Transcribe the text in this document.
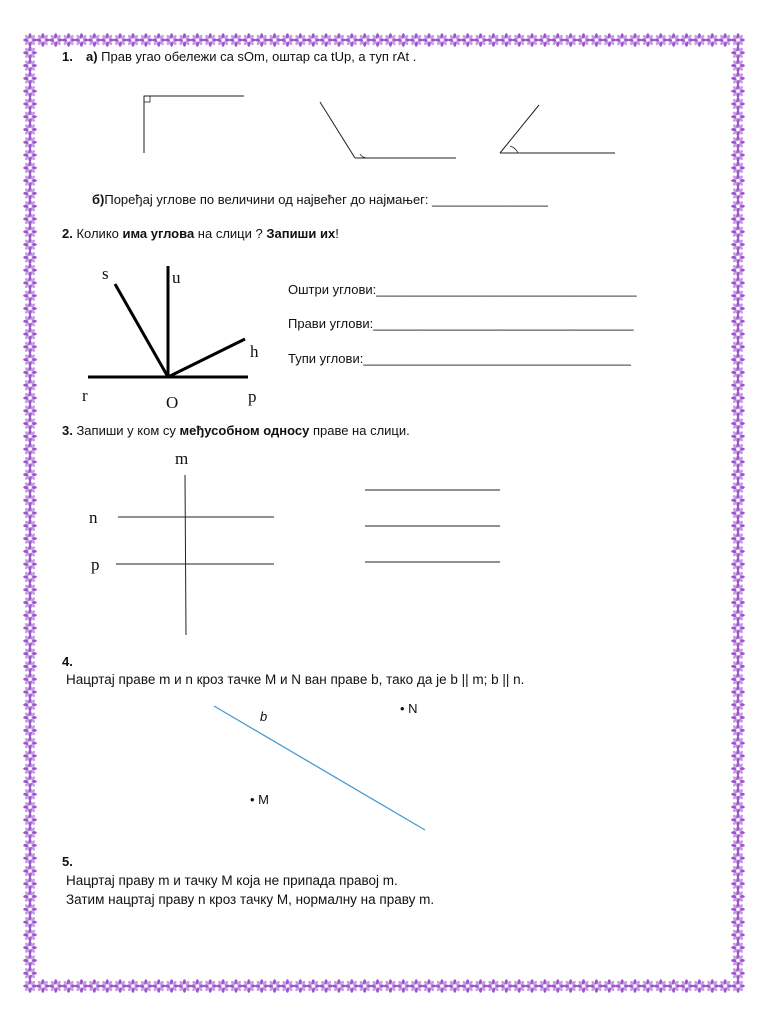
1. a) Прав угао обележи са sOm, оштар са tUp, а туп rAt .
б)Поређај углове по величини од највећег до најмањег: ________________
2. Колико има углова на слици ? Запиши их!
s	u
h
r	O	p
Оштри углови:____________________________________
Прави углови:____________________________________
Тупи углови:_____________________________________
3. Запиши у ком су међусобном односу праве на слици.
m
n
p
4.
Нацртај праве m и n кроз тачке M и N ван праве b, тако да је b || m; b || n.
b
• N
• M
5.
Нацртај праву m и тачку M која не припада правој m.
Затим нацртај праву n кроз тачку M, нормалну на праву m.
